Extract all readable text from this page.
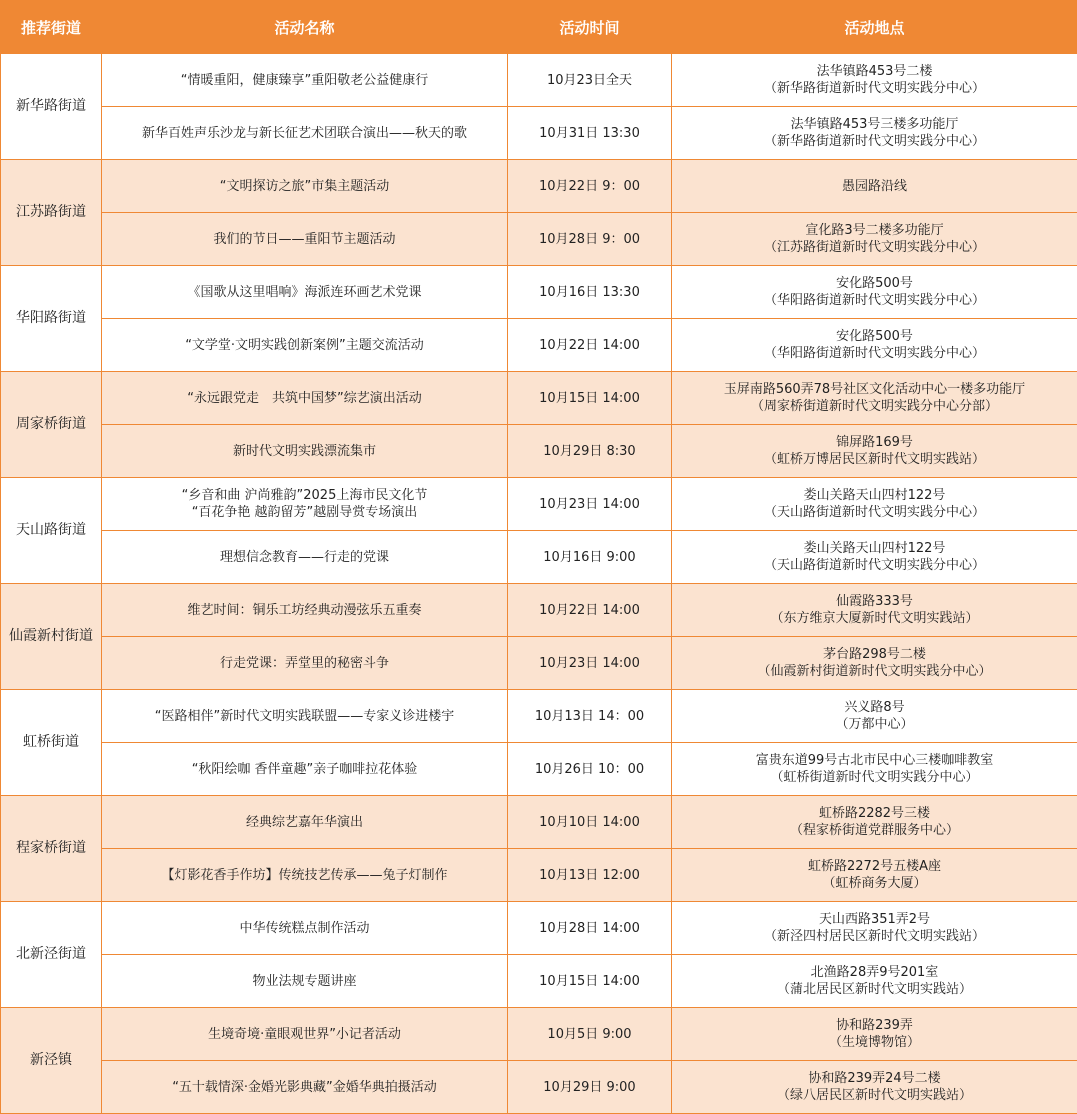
推荐街道	活动名称	活动时间	活动地点
新华路街道	“情暖重阳，健康臻享”重阳敬老公益健康行	10月23日全天	法华镇路453号二楼
（新华路街道新时代文明实践分中心）

	新华百姓声乐沙龙与新长征艺术团联合演出——秋天的歌	10月31日 13:30	法华镇路453号三楼多功能厅
（新华路街道新时代文明实践分中心）

江苏路街道	“文明探访之旅”市集主题活动	10月22日 9：00	愚园路沿线

	我们的节日——重阳节主题活动	10月28日 9：00	宣化路3号二楼多功能厅
（江苏路街道新时代文明实践分中心）

华阳路街道	《国歌从这里唱响》海派连环画艺术党课	10月16日 13:30	安化路500号
（华阳路街道新时代文明实践分中心）

	“文学堂·文明实践创新案例”主题交流活动	10月22日 14:00	安化路500号
（华阳路街道新时代文明实践分中心）

周家桥街道	“永远跟党走　共筑中国梦”综艺演出活动	10月15日 14:00	玉屏南路560弄78号社区文化活动中心一楼多功能厅
（周家桥街道新时代文明实践分中心分部）

	新时代文明实践漂流集市	10月29日 8:30	锦屏路169号
（虹桥万博居民区新时代文明实践站）

天山路街道	“乡音和曲 沪尚雅韵”2025上海市民文化节
“百花争艳 越韵留芳”越剧导赏专场演出	10月23日 14:00	娄山关路天山四村122号
（天山路街道新时代文明实践分中心）

	理想信念教育——行走的党课	10月16日 9:00	娄山关路天山四村122号
（天山路街道新时代文明实践分中心）

仙霞新村街道	维艺时间：铜乐工坊经典动漫弦乐五重奏	10月22日 14:00	仙霞路333号
（东方维京大厦新时代文明实践站）

	行走党课：弄堂里的秘密斗争	10月23日 14:00	茅台路298号二楼
（仙霞新村街道新时代文明实践分中心）

虹桥街道	“医路相伴”新时代文明实践联盟——专家义诊进楼宇	10月13日 14：00	兴义路8号
（万都中心）

	“秋阳绘咖 香伴童趣”亲子咖啡拉花体验	10月26日 10：00	富贵东道99号古北市民中心三楼咖啡教室
（虹桥街道新时代文明实践分中心）

程家桥街道	经典综艺嘉年华演出	10月10日 14:00	虹桥路2282号三楼
（程家桥街道党群服务中心）

	【灯影花香手作坊】传统技艺传承——兔子灯制作	10月13日 12:00	虹桥路2272号五楼A座
（虹桥商务大厦）

北新泾街道	中华传统糕点制作活动	10月28日 14:00	天山西路351弄2号
（新泾四村居民区新时代文明实践站）

	物业法规专题讲座	10月15日 14:00	北渔路28弄9号201室
（蒲北居民区新时代文明实践站）

新泾镇	生境奇境·童眼观世界”小记者活动	10月5日 9:00	协和路239弄
（生境博物馆）

	“五十载情深·金婚光影典藏”金婚华典拍摄活动	10月29日 9:00	协和路239弄24号二楼
（绿八居民区新时代文明实践站）
